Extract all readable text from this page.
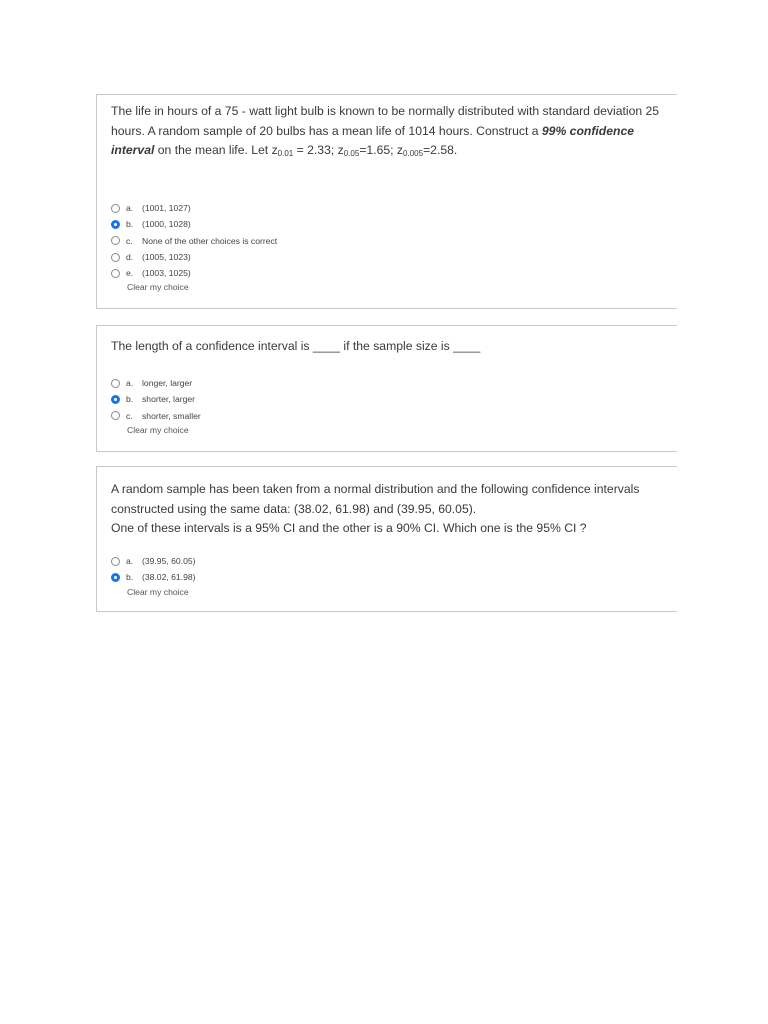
The life in hours of a 75 - watt light bulb is known to be normally distributed with standard deviation 25 hours. A random sample of 20 bulbs has a mean life of 1014 hours. Construct a 99% confidence interval on the mean life. Let $z_{0.01} = 2.33$; $z_{0.05}=1.65$; $z_{0.005}=2.58$.
a.	(1001, 1027)
b.	(1000, 1028)
c.	None of the other choices is correct
d.	(1005, 1023)
e.	(1003, 1025)
Clear my choice
The length of a confidence interval is ____ if the sample size is ____
a.	longer, larger
b.	shorter, larger
c.	shorter, smaller
Clear my choice
A random sample has been taken from a normal distribution and the following confidence intervals constructed using the same data: (38.02, 61.98) and (39.95, 60.05).
One of these intervals is a 95% CI and the other is a 90% CI. Which one is the 95% CI ?
a.	(39.95, 60.05)
b.	(38.02, 61.98)
Clear my choice
